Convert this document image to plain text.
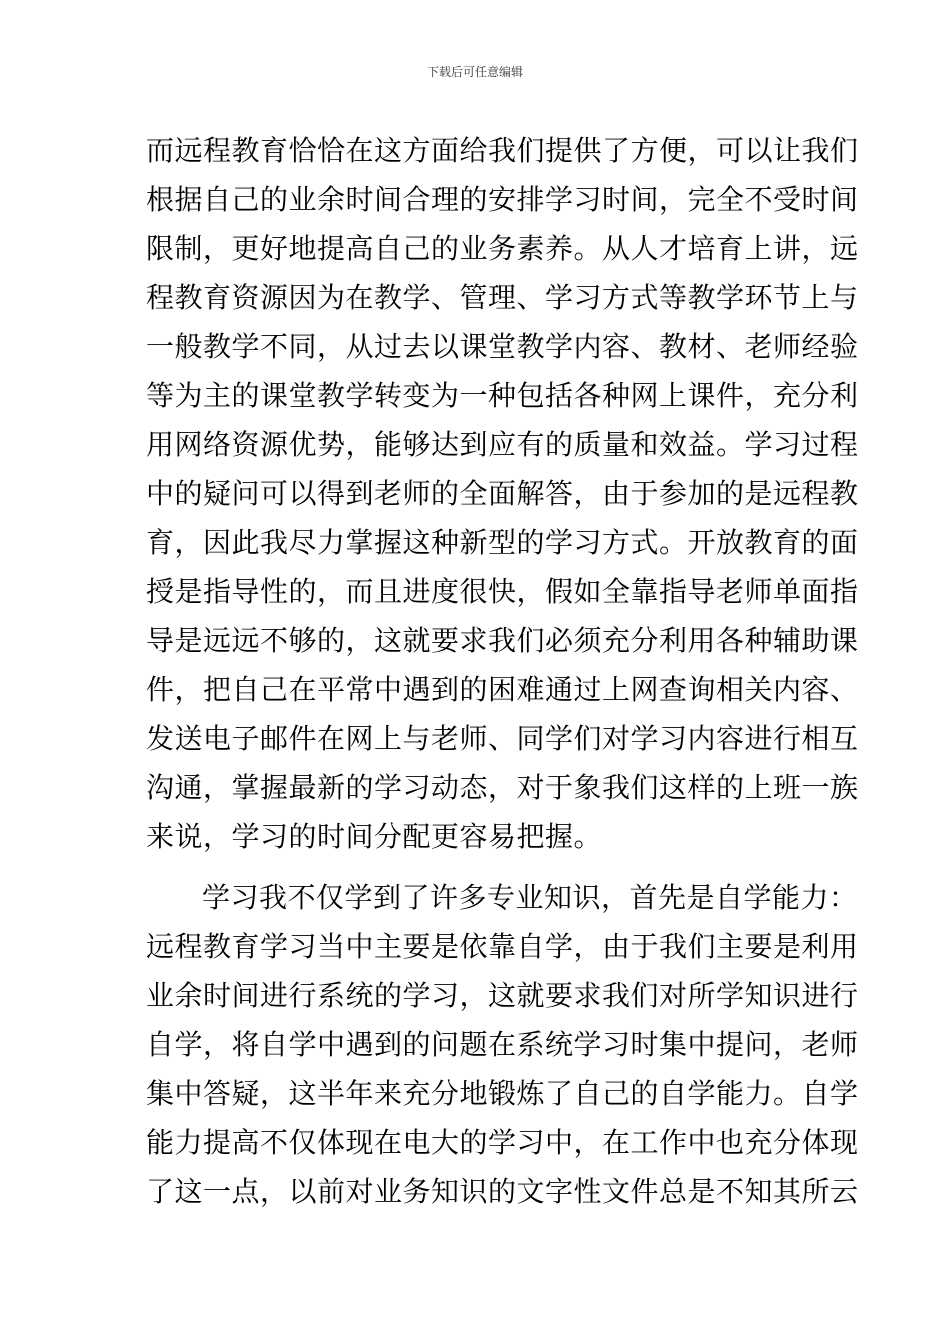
下载后可任意编辑
而远程教育恰恰在这方面给我们提供了方便，可以让我们
根据自己的业余时间合理的安排学习时间，完全不受时间
限制，更好地提高自己的业务素养。从人才培育上讲，远
程教育资源因为在教学、管理、学习方式等教学环节上与
一般教学不同，从过去以课堂教学内容、教材、老师经验
等为主的课堂教学转变为一种包括各种网上课件，充分利
用网络资源优势，能够达到应有的质量和效益。学习过程
中的疑问可以得到老师的全面解答，由于参加的是远程教
育，因此我尽力掌握这种新型的学习方式。开放教育的面
授是指导性的，而且进度很快，假如全靠指导老师单面指
导是远远不够的，这就要求我们必须充分利用各种辅助课
件，把自己在平常中遇到的困难通过上网查询相关内容、
发送电子邮件在网上与老师、同学们对学习内容进行相互
沟通，掌握最新的学习动态，对于象我们这样的上班一族
来说，学习的时间分配更容易把握。
学习我不仅学到了许多专业知识，首先是自学能力：
远程教育学习当中主要是依靠自学，由于我们主要是利用
业余时间进行系统的学习，这就要求我们对所学知识进行
自学，将自学中遇到的问题在系统学习时集中提问，老师
集中答疑，这半年来充分地锻炼了自己的自学能力。自学
能力提高不仅体现在电大的学习中，在工作中也充分体现
了这一点，以前对业务知识的文字性文件总是不知其所云
